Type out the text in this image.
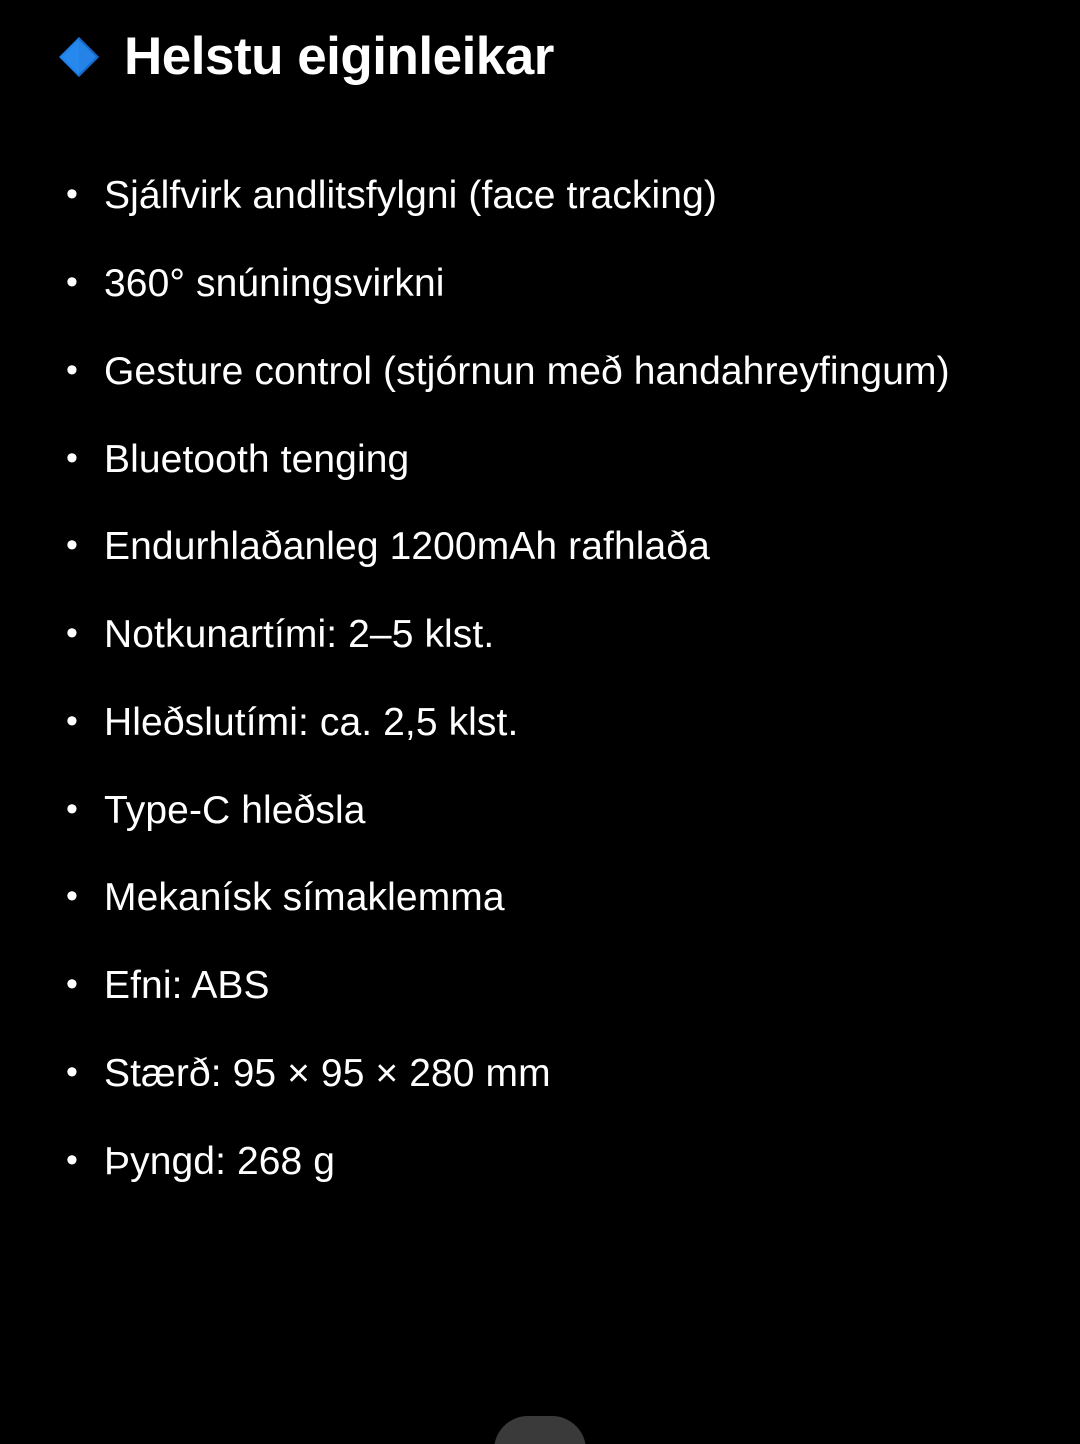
Helstu eiginleikar
• Sjálfvirk andlitsfylgni (face tracking)
• 360° snúningsvirkni
• Gesture control (stjórnun með handahreyfingum)
• Bluetooth tenging
• Endurhlaðanleg 1200mAh rafhlaða
• Notkunartími: 2–5 klst.
• Hleðslutími: ca. 2,5 klst.
• Type-C hleðsla
• Mekanísk símaklemma
• Efni: ABS
• Stærð: 95 × 95 × 280 mm
• Þyngd: 268 g
